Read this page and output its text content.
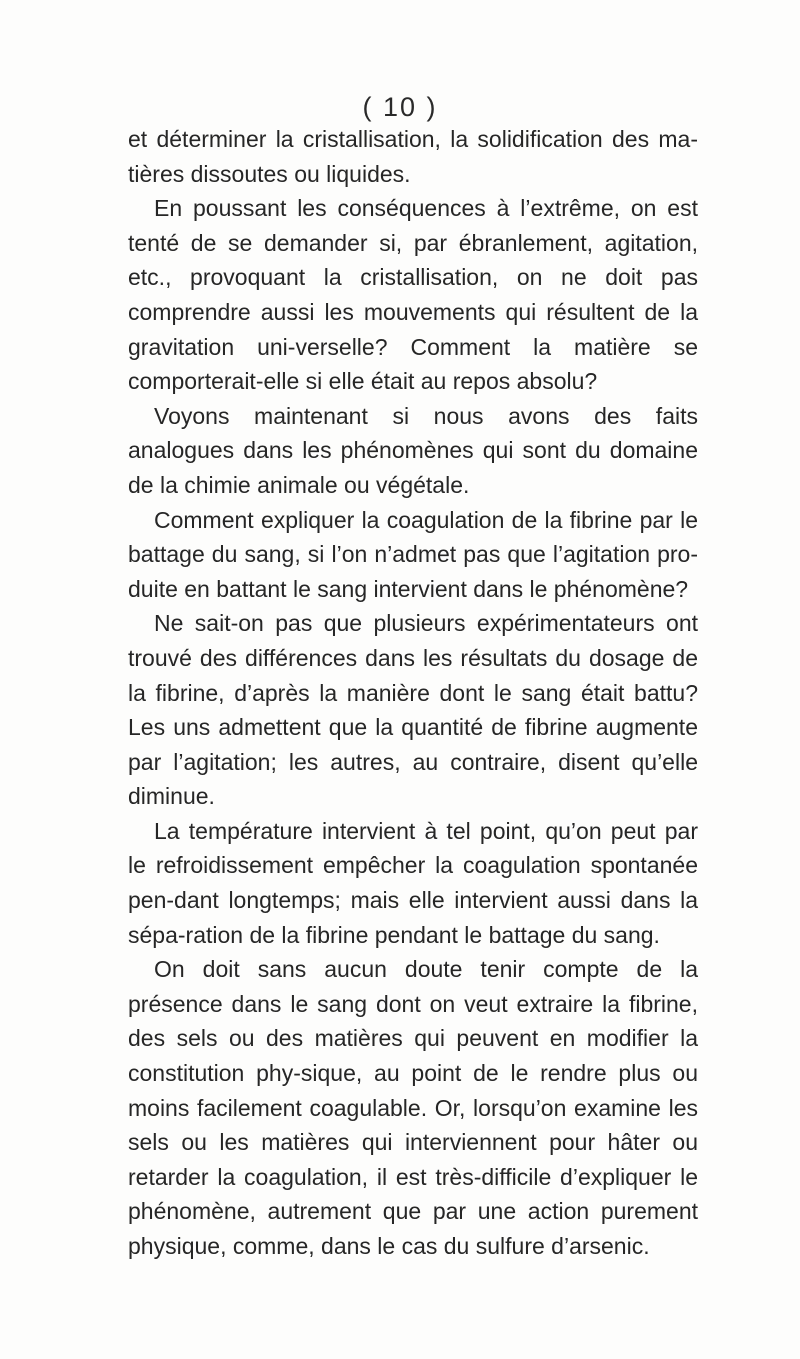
( 10 )

et déterminer la cristallisation, la solidification des ma-tières dissoutes ou liquides.

En poussant les conséquences à l’extrême, on est tenté de se demander si, par ébranlement, agitation, etc., provoquant la cristallisation, on ne doit pas comprendre aussi les mouvements qui résultent de la gravitation uni-verselle? Comment la matière se comporterait-elle si elle était au repos absolu?

Voyons maintenant si nous avons des faits analogues dans les phénomènes qui sont du domaine de la chimie animale ou végétale.

Comment expliquer la coagulation de la fibrine par le battage du sang, si l’on n’admet pas que l’agitation pro-duite en battant le sang intervient dans le phénomène?

Ne sait-on pas que plusieurs expérimentateurs ont trouvé des différences dans les résultats du dosage de la fibrine, d’après la manière dont le sang était battu? Les uns admettent que la quantité de fibrine augmente par l’agitation; les autres, au contraire, disent qu’elle diminue.

La température intervient à tel point, qu’on peut par le refroidissement empêcher la coagulation spontanée pen-dant longtemps; mais elle intervient aussi dans la sépa-ration de la fibrine pendant le battage du sang.

On doit sans aucun doute tenir compte de la présence dans le sang dont on veut extraire la fibrine, des sels ou des matières qui peuvent en modifier la constitution phy-sique, au point de le rendre plus ou moins facilement coagulable. Or, lorsqu’on examine les sels ou les matières qui interviennent pour hâter ou retarder la coagulation, il est très-difficile d’expliquer le phénomène, autrement que par une action purement physique, comme, dans le cas du sulfure d’arsenic.
